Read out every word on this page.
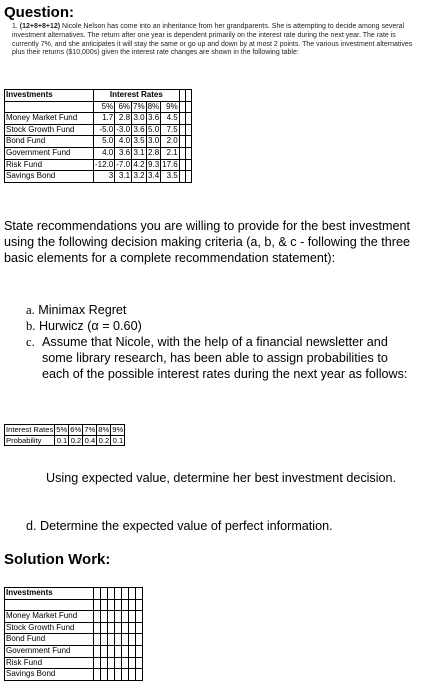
Question:
1. (12+8+8+12) Nicole Nelson has come into an inheritance from her grandparents. She is attempting to decide among several investment alternatives. The return after one year is dependent primarily on the interest rate during the next year. The rate is currently 7%, and she anticipates it will stay the same or go up and down by at most 2 points. The various investment alternatives plus their returns ($10,000s) given the interest rate changes are shown in the following table:
Investments	Interest Rates						
	5%	6%	7%	8%	9%		
Money Market Fund	1.7	2.8	3.0	3.6	4.5		
Stock Growth Fund	-5.0	-3.0	3.6	5.0	7.5		
Bond Fund	5.0	4.0	3.5	3.0	2.0		
Government Fund	4.0	3.6	3.1	2.8	2.1		
Risk Fund	-12.0	-7.0	4.2	9.3	17.6		
Savings Bond	3	3.1	3.2	3.4	3.5		
State recommendations you are willing to provide for the best investment using the following decision making criteria (a, b, & c - following the three basic elements for a complete recommendation statement):
a. Minimax Regret
b. Hurwicz (α = 0.60)
c. Assume that Nicole, with the help of a financial newsletter and some library research, has been able to assign probabilities to each of the possible interest rates during the next year as follows:
Interest Rates	5%	6%	7%	8%	9%
Probability	0.1	0.2	0.4	0.2	0.1
Using expected value, determine her best investment decision.
d. Determine the expected value of perfect information.
Solution Work:
Investments							

Money Market Fund							
Stock Growth Fund							
Bond Fund							
Government Fund							
Risk Fund							
Savings Bond							
